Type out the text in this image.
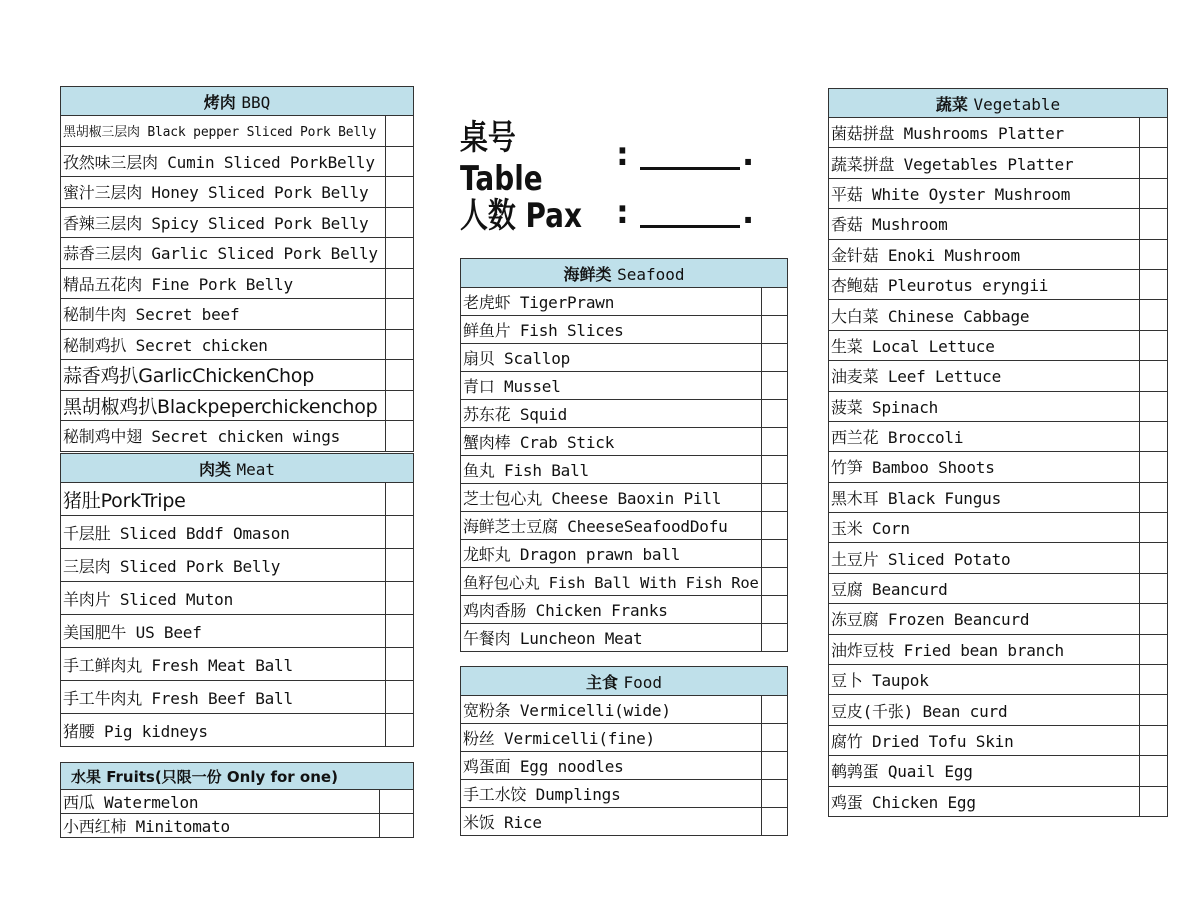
桌号 Table
:	.
人数 Pax :	.
烤肉 BBQ	
黑胡椒三层肉 Black pepper Sliced Pork Belly	
孜然味三层肉 Cumin Sliced PorkBelly	
蜜汁三层肉 Honey Sliced Pork Belly	
香辣三层肉 Spicy Sliced Pork Belly	
蒜香三层肉 Garlic Sliced Pork Belly	
精品五花肉 Fine Pork Belly	
秘制牛肉 Secret beef	
秘制鸡扒 Secret chicken	
蒜香鸡扒GarlicChickenChop	
黑胡椒鸡扒Blackpeperchickenchop	
秘制鸡中翅 Secret chicken wings	
肉类 Meat	
猪肚PorkTripe	
千层肚 Sliced Bddf Omason	
三层肉 Sliced Pork Belly	
羊肉片 Sliced Muton	
美国肥牛 US Beef	
手工鲜肉丸 Fresh Meat Ball	
手工牛肉丸 Fresh Beef Ball	
猪腰 Pig kidneys	
水果 Fruits(只限一份 Only for one)	
西瓜 Watermelon	
小西红柿 Minitomato	
海鲜类 Seafood	
老虎虾 TigerPrawn	
鲜鱼片 Fish Slices	
扇贝 Scallop	
青口 Mussel	
苏东花 Squid	
蟹肉棒 Crab Stick	
鱼丸 Fish Ball	
芝士包心丸 Cheese Baoxin Pill	
海鲜芝士豆腐 CheeseSeafoodDofu	
龙虾丸 Dragon prawn ball	
鱼籽包心丸 Fish Ball With Fish Roe	
鸡肉香肠 Chicken Franks	
午餐肉 Luncheon Meat	
主食 Food	
宽粉条 Vermicelli(wide)	
粉丝 Vermicelli(fine)	
鸡蛋面 Egg noodles	
手工水饺 Dumplings	
米饭 Rice	
蔬菜 Vegetable	
菌菇拼盘 Mushrooms Platter	
蔬菜拼盘 Vegetables Platter	
平菇 White Oyster Mushroom	
香菇 Mushroom	
金针菇 Enoki Mushroom	
杏鲍菇 Pleurotus eryngii	
大白菜 Chinese Cabbage	
生菜 Local Lettuce	
油麦菜 Leef Lettuce	
菠菜 Spinach	
西兰花 Broccoli	
竹笋 Bamboo Shoots	
黑木耳 Black Fungus	
玉米 Corn	
土豆片 Sliced Potato	
豆腐 Beancurd	
冻豆腐 Frozen Beancurd	
油炸豆枝 Fried bean branch	
豆卜 Taupok	
豆皮(千张) Bean curd	
腐竹 Dried Tofu Skin	
鹌鹑蛋 Quail Egg	
鸡蛋 Chicken Egg	
